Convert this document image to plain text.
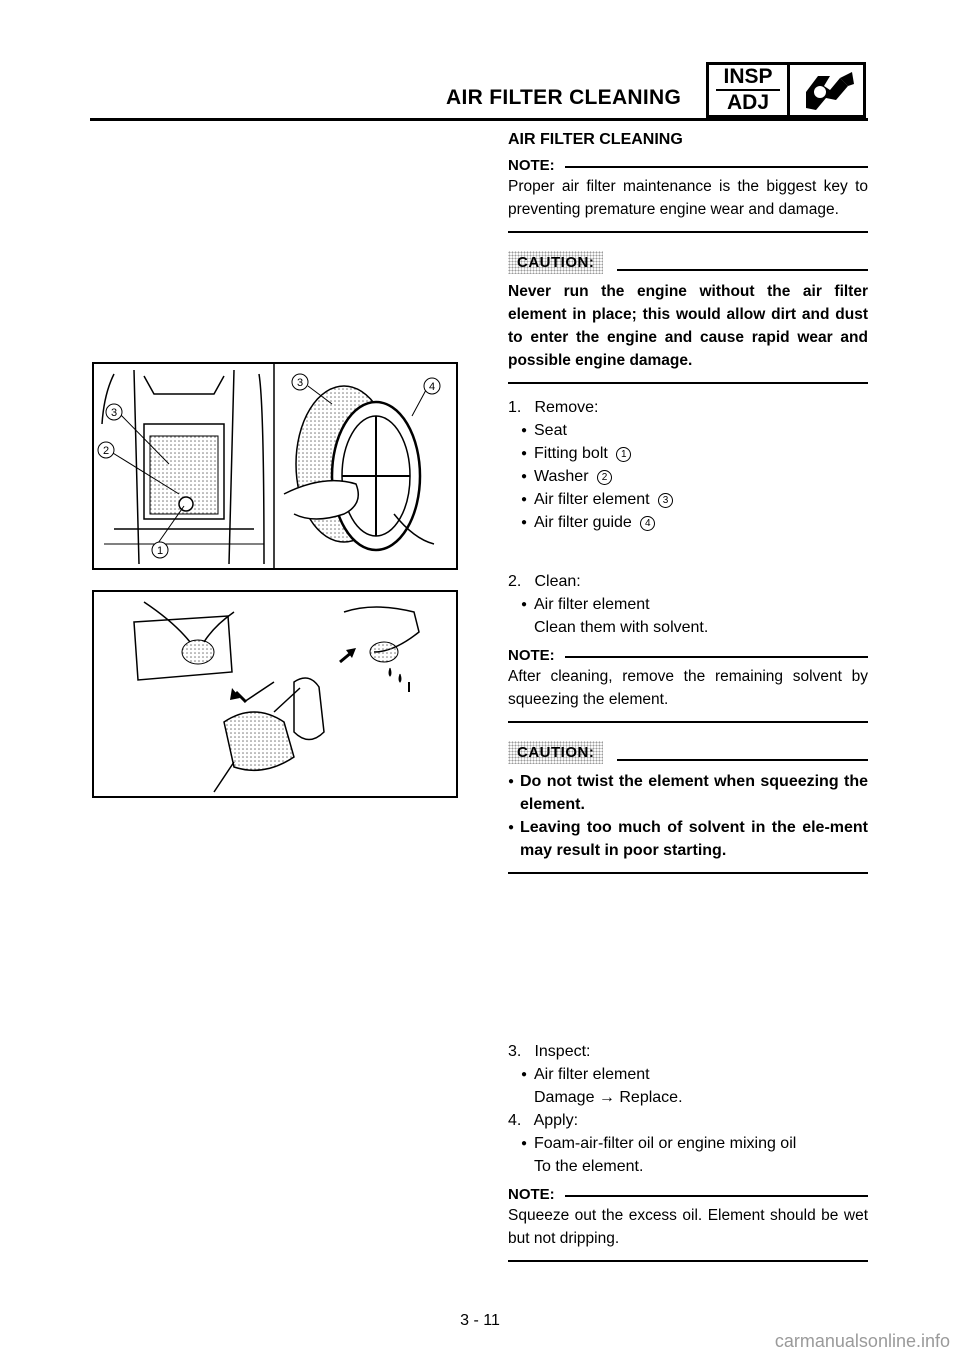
AIR FILTER CLEANING
INSP
ADJ
3
2
1
3	4
AIR FILTER CLEANING
NOTE:
Proper air filter maintenance is the biggest key to preventing premature engine wear and damage.
CAUTION:
Never run the engine without the air filter element in place; this would allow dirt and dust to enter the engine and cause rapid wear and possible engine damage.
1. Remove:
● Seat
● Fitting bolt 1
● Washer 2
● Air filter element 3
● Air filter guide 4
2. Clean:
● Air filter element
Clean them with solvent.
NOTE:
After cleaning, remove the remaining solvent by squeezing the element.
CAUTION:
● Do not twist the element when squeezing the element.
● Leaving too much of solvent in the ele-ment may result in poor starting.
3. Inspect:
● Air filter element
Damage → Replace.
4. Apply:
● Foam-air-filter oil or engine mixing oil
To the element.
NOTE:
Squeeze out the excess oil. Element should be wet but not dripping.
3 - 11
carmanualsonline.info
